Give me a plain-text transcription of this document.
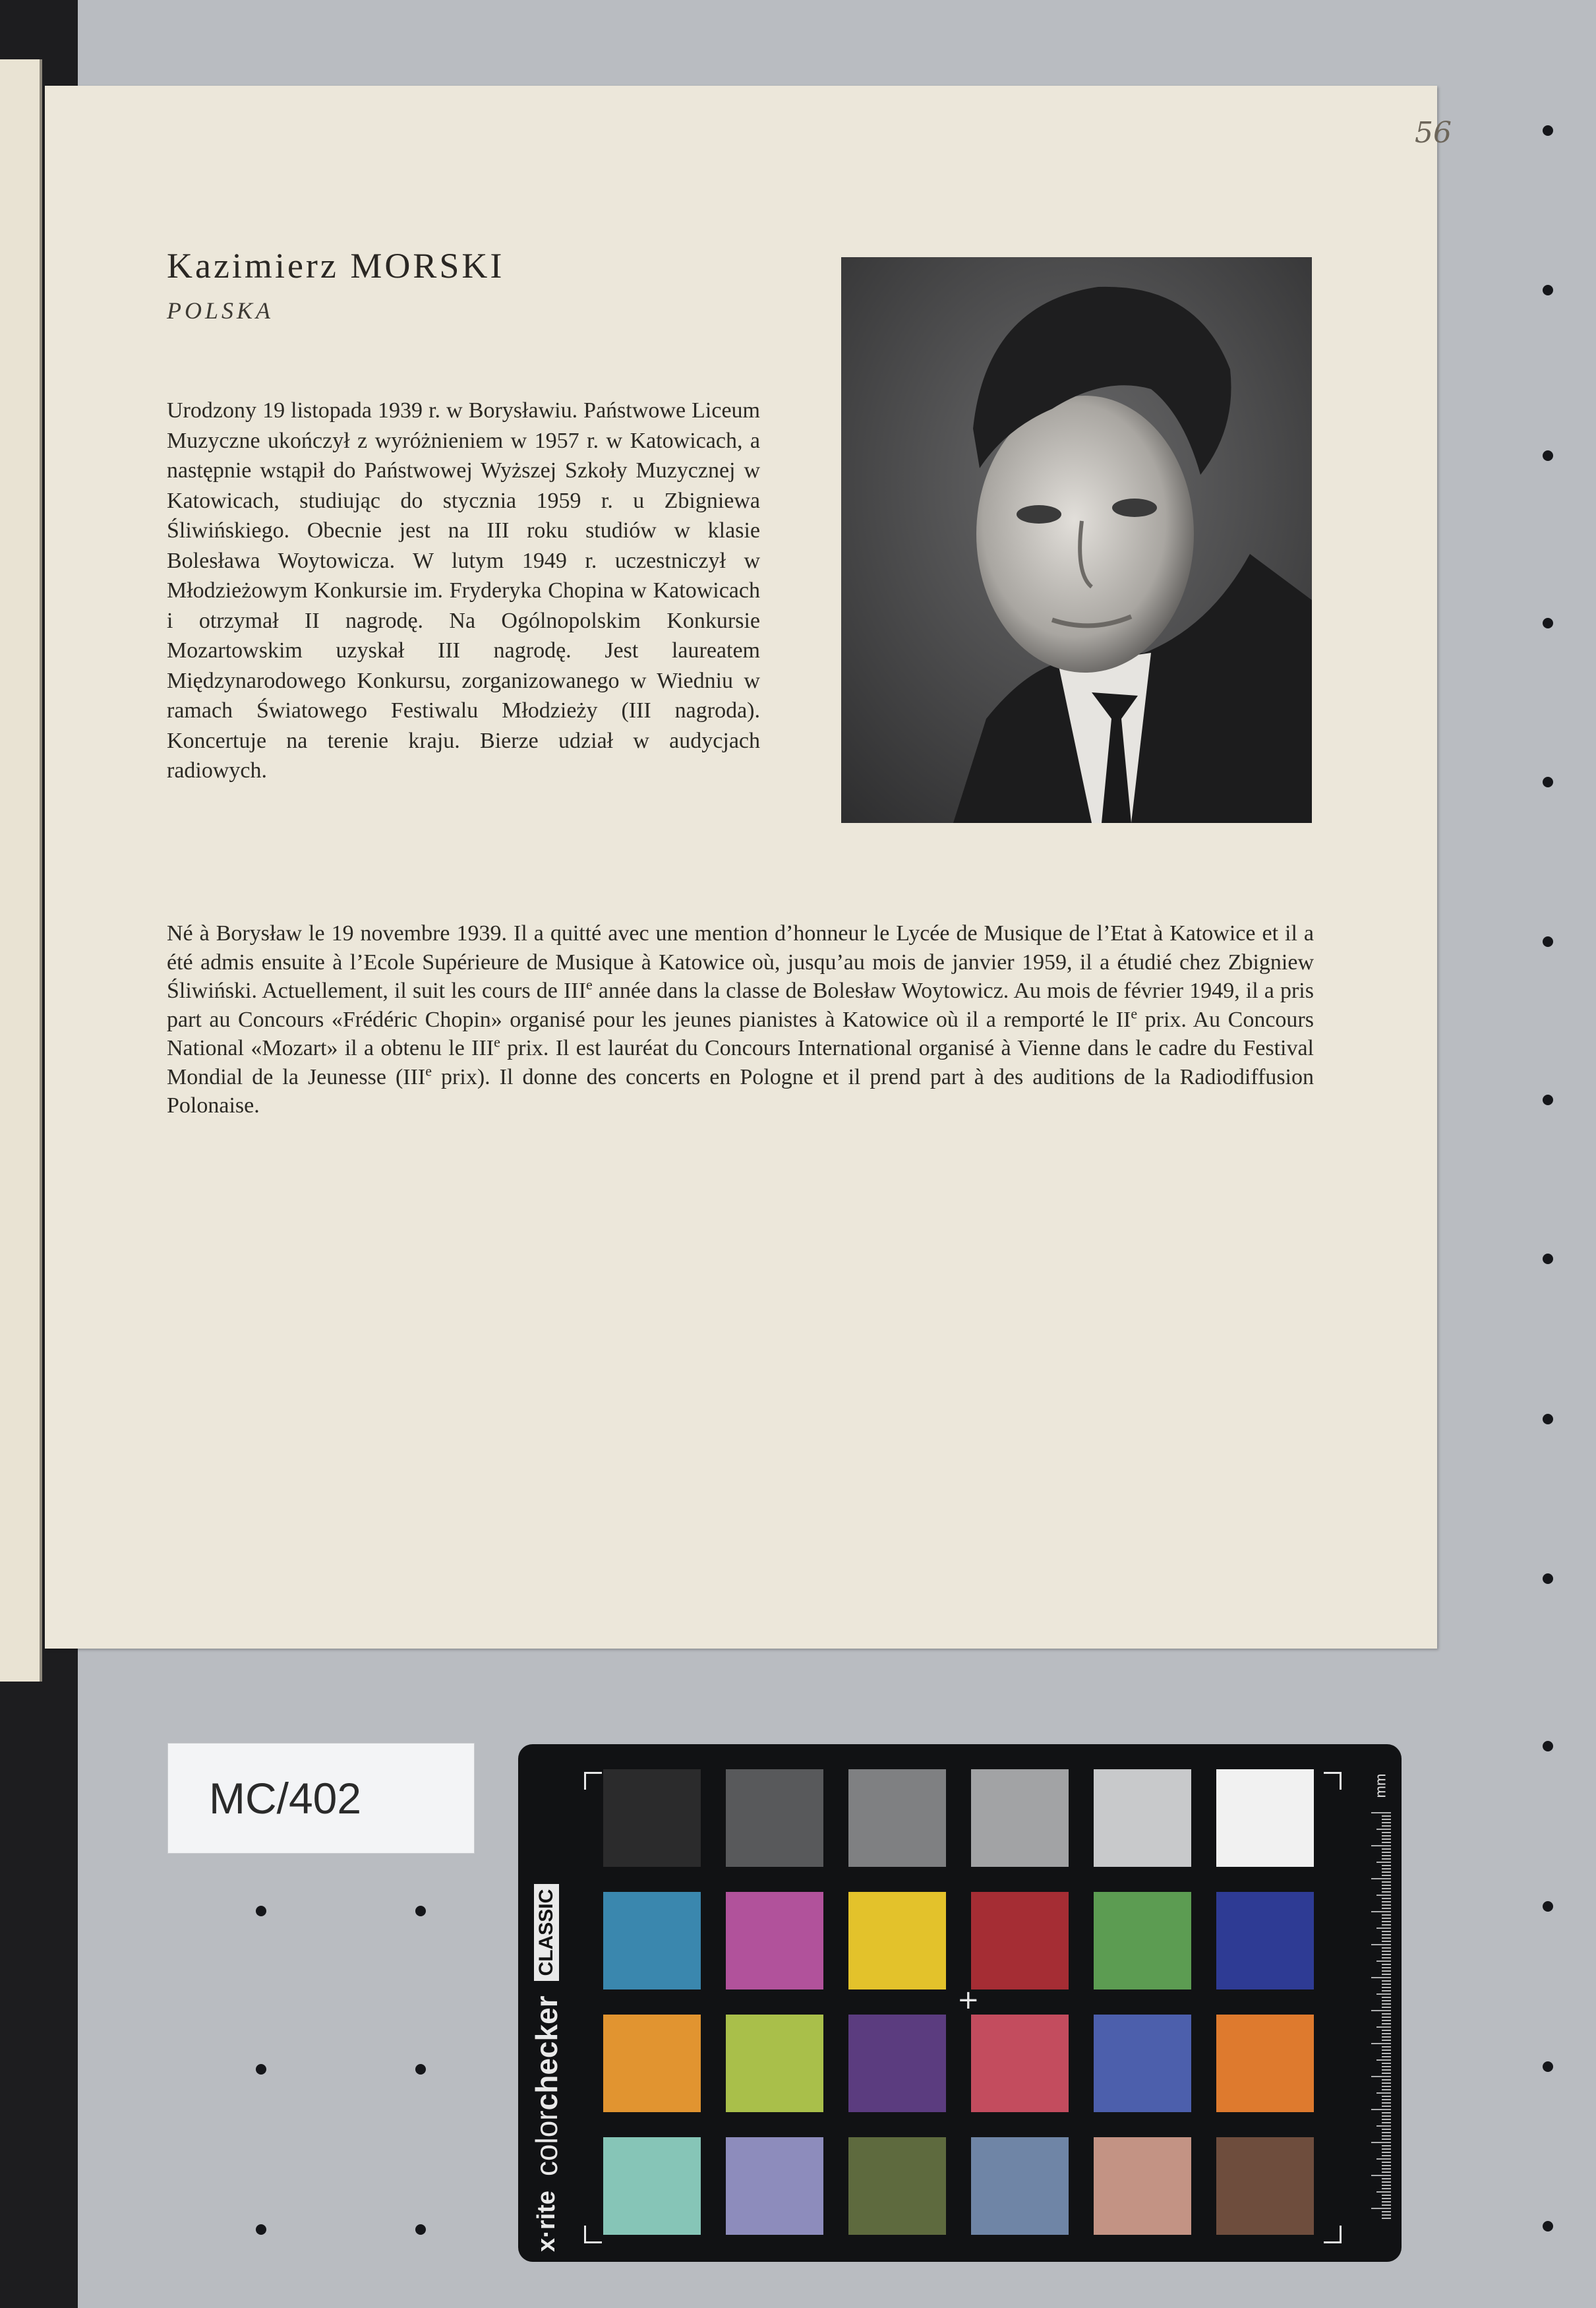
56
Kazimierz MORSKI
POLSKA

Urodzony 19 listopada 1939 r. w Borysławiu. Państwowe Liceum Muzyczne ukończył z wyróżnieniem w 1957 r. w Katowicach, a następnie wstąpił do Państwowej Wyższej Szkoły Muzycznej w Katowicach, studiując do stycznia 1959 r. u Zbigniewa Śliwińskiego. Obecnie jest na III roku studiów w klasie Bolesława Woytowicza. W lutym 1949 r. uczestniczył w Młodzieżowym Konkursie im. Fryderyka Chopina w Katowicach i otrzymał II nagrodę. Na Ogólnopolskim Konkursie Mozartowskim uzyskał III nagrodę. Jest laureatem Międzynarodowego Konkursu, zorganizowanego w Wiedniu w ramach Światowego Festiwalu Młodzieży (III nagroda). Koncertuje na terenie kraju. Bierze udział w audycjach radiowych.

Né à Borysław le 19 novembre 1939. Il a quitté avec une mention d’honneur le Lycée de Musique de l’Etat à Katowice et il a été admis ensuite à l’Ecole Supérieure de Musique à Katowice où, jusqu’au mois de janvier 1959, il a étudié chez Zbigniew Śliwiński. Actuellement, il suit les cours de IIIe année dans la classe de Bolesław Woytowicz. Au mois de février 1949, il a pris part au Concours «Frédéric Chopin» organisé pour les jeunes pianistes à Katowice où il a remporté le IIe prix. Au Concours National «Mozart» il a obtenu le IIIe prix. Il est lauréat du Concours International organisé à Vienne dans le cadre du Festival Mondial de la Jeunesse (IIIe prix). Il donne des concerts en Pologne et il prend part à des auditions de la Radiodiffusion Polonaise.

MC/402
x·rite
colorchecker
CLASSIC
+
mm
